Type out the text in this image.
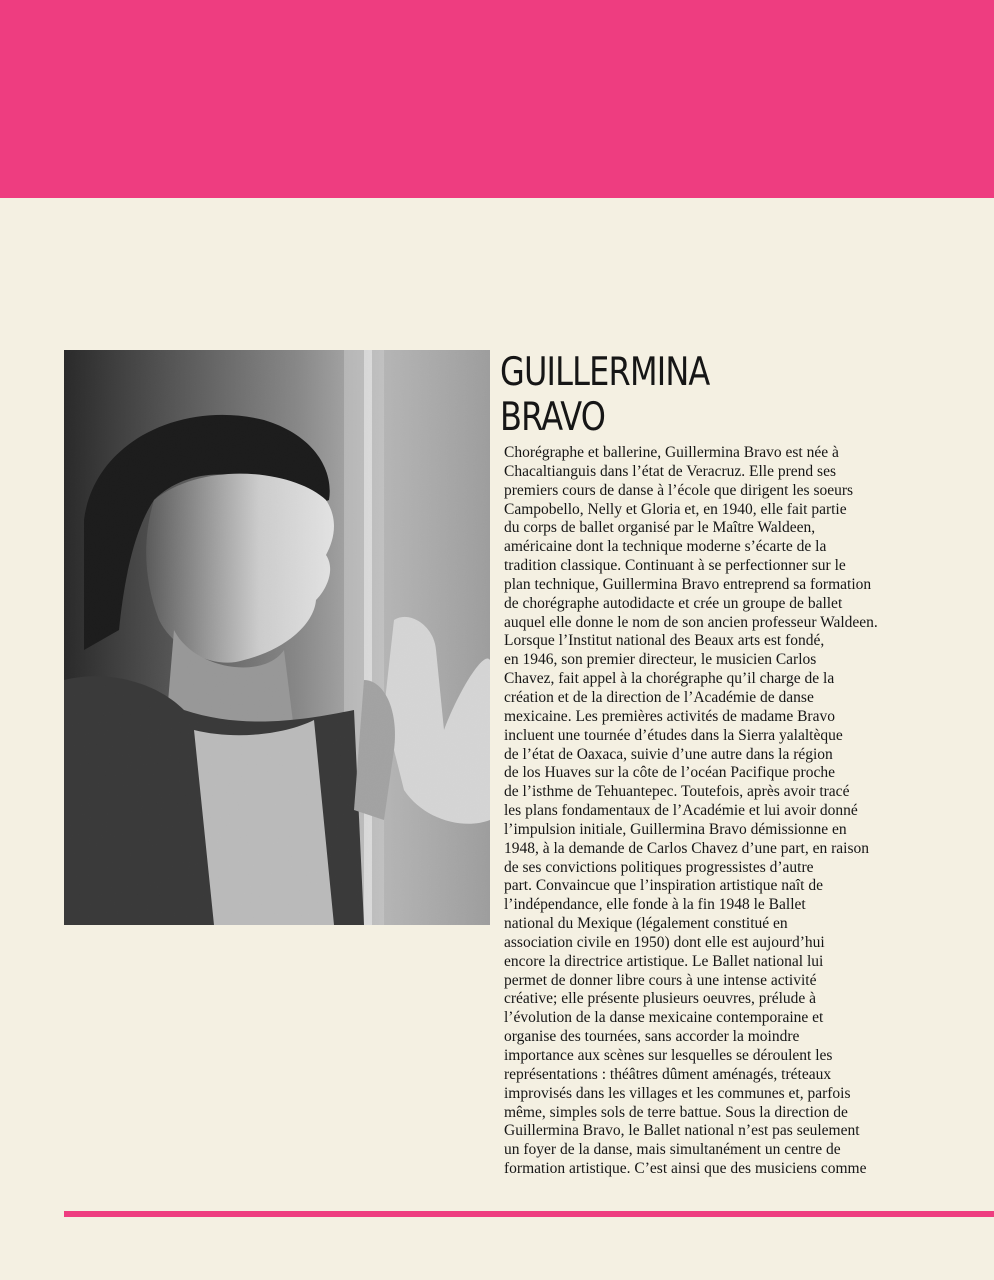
GUILLERMINA
BRAVO
Chorégraphe et ballerine, Guillermina Bravo est née à
Chacaltianguis dans l’état de Veracruz. Elle prend ses
premiers cours de danse à l’école que dirigent les soeurs
Campobello, Nelly et Gloria et, en 1940, elle fait partie
du corps de ballet organisé par le Maître Waldeen,
américaine dont la technique moderne s’écarte de la
tradition classique. Continuant à se perfectionner sur le
plan technique, Guillermina Bravo entreprend sa formation
de chorégraphe autodidacte et crée un groupe de ballet
auquel elle donne le nom de son ancien professeur Waldeen.
Lorsque l’Institut national des Beaux arts est fondé,
en 1946, son premier directeur, le musicien Carlos
Chavez, fait appel à la chorégraphe qu’il charge de la
création et de la direction de l’Académie de danse
mexicaine. Les premières activités de madame Bravo
incluent une tournée d’études dans la Sierra yalaltèque
de l’état de Oaxaca, suivie d’une autre dans la région
de los Huaves sur la côte de l’océan Pacifique proche
de l’isthme de Tehuantepec. Toutefois, après avoir tracé
les plans fondamentaux de l’Académie et lui avoir donné
l’impulsion initiale, Guillermina Bravo démissionne en
1948, à la demande de Carlos Chavez d’une part, en raison
de ses convictions politiques progressistes d’autre
part. Convaincue que l’inspiration artistique naît de
l’indépendance, elle fonde à la fin 1948 le Ballet
national du Mexique (légalement constitué en
association civile en 1950) dont elle est aujourd’hui
encore la directrice artistique. Le Ballet national lui
permet de donner libre cours à une intense activité
créative; elle présente plusieurs oeuvres, prélude à
l’évolution de la danse mexicaine contemporaine et
organise des tournées, sans accorder la moindre
importance aux scènes sur lesquelles se déroulent les
représentations : théâtres dûment aménagés, tréteaux
improvisés dans les villages et les communes et, parfois
même, simples sols de terre battue. Sous la direction de
Guillermina Bravo, le Ballet national n’est pas seulement
un foyer de la danse, mais simultanément un centre de
formation artistique. C’est ainsi que des musiciens comme
